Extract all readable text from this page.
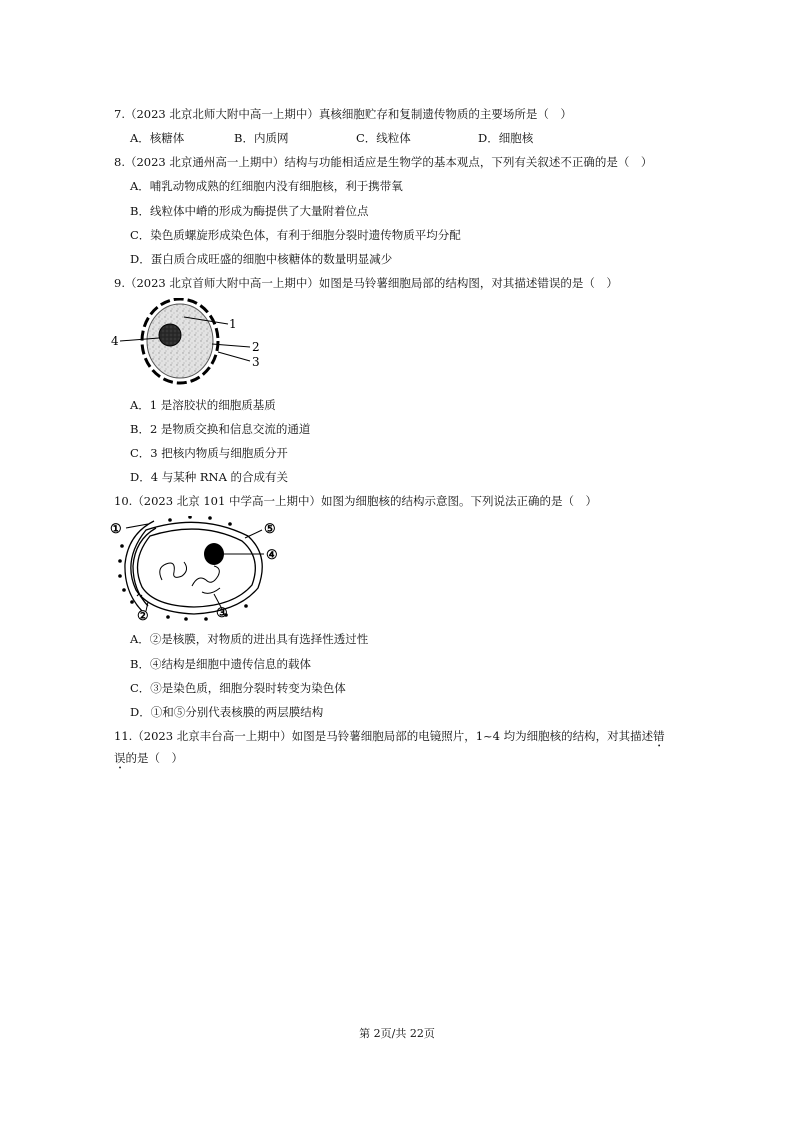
7.（2023 北京北师大附中高一上期中）真核细胞贮存和复制遗传物质的主要场所是（　）
A．核糖体	B．内质网	C．线粒体	D．细胞核
8.（2023 北京通州高一上期中）结构与功能相适应是生物学的基本观点，下列有关叙述不正确的是（　）
A．哺乳动物成熟的红细胞内没有细胞核，利于携带氧
B．线粒体中嵴的形成为酶提供了大量附着位点
C．染色质螺旋形成染色体，有利于细胞分裂时遗传物质平均分配
D．蛋白质合成旺盛的细胞中核糖体的数量明显减少
9.（2023 北京首师大附中高一上期中）如图是马铃薯细胞局部的结构图，对其描述错误的是（　）
1
2
3
4
A．1 是溶胶状的细胞质基质
B．2 是物质交换和信息交流的通道
C．3 把核内物质与细胞质分开
D．4 与某种 RNA 的合成有关
10.（2023 北京 101 中学高一上期中）如图为细胞核的结构示意图。下列说法正确的是（　）
①
②	③
④
⑤
A．②是核膜，对物质的进出具有选择性透过性
B．④结构是细胞中遗传信息的载体
C．③是染色质，细胞分裂时转变为染色体
D．①和⑤分别代表核膜的两层膜结构
11.（2023 北京丰台高一上期中）如图是马铃薯细胞局部的电镜照片，1~4 均为细胞核的结构，对其描述错
误的是（　）
第 2页/共 22页
